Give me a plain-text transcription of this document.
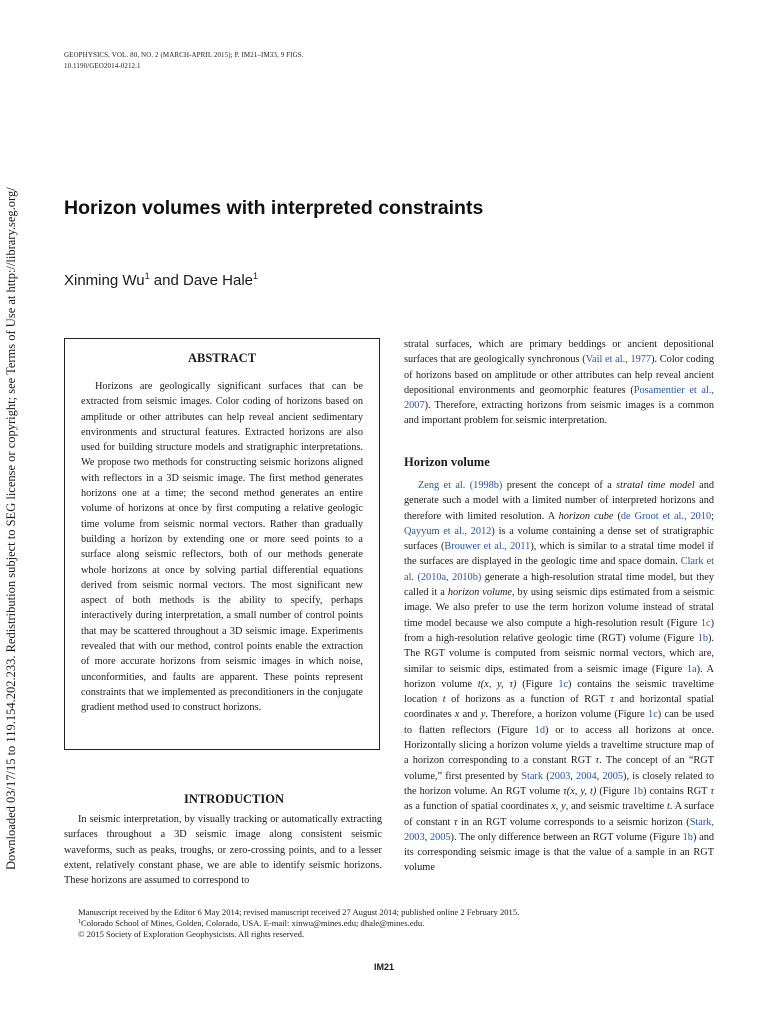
GEOPHYSICS, VOL. 80, NO. 2 (MARCH-APRIL 2015); P. IM21–IM33, 9 FIGS.
10.1190/GEO2014-0212.1
Downloaded 03/17/15 to 119.154.202.233. Redistribution subject to SEG license or copyright; see Terms of Use at http://library.seg.org/ Horizon volumes with interpreted constraints
Xinming Wu$^1$ and Dave Hale$^1$
ABSTRACT

Horizons are geologically significant surfaces that can be extracted from seismic images. Color coding of horizons based on amplitude or other attributes can help reveal ancient sedimentary environments and structural features. Extracted horizons are also used for building structure models and stratigraphic interpretations. We propose two methods for constructing seismic horizons aligned with reflectors in a 3D seismic image. The first method generates horizons one at a time; the second method generates an entire volume of horizons at once by first computing a relative geologic time volume from seismic normal vectors. Rather than gradually building a horizon by extending one or more seed points to a surface along seismic reflectors, both of our methods generate whole horizons at once by solving partial differential equations derived from seismic normal vectors. The most significant new aspect of both methods is the ability to specify, perhaps interactively during interpretation, a small number of control points that may be scattered throughout a 3D seismic image. Experiments revealed that with our method, control points enable the extraction of more accurate horizons from seismic images in which noise, unconformities, and faults are apparent. These points represent constraints that we implemented as preconditioners in the conjugate gradient method used to construct horizons.

INTRODUCTION

In seismic interpretation, by visually tracking or automatically extracting surfaces throughout a 3D seismic image along consistent seismic waveforms, such as peaks, troughs, or zero-crossing points, and to a lesser extent, relatively constant phase, we are able to identify seismic horizons. These horizons are assumed to correspond to

stratal surfaces, which are primary beddings or ancient depositional surfaces that are geologically synchronous (Vail et al., 1977). Color coding of horizons based on amplitude or other attributes can help reveal ancient depositional environments and geomorphic features (Posamentier et al., 2007). Therefore, extracting horizons from seismic images is a common and important problem for seismic interpretation.

Horizon volume

Zeng et al. (1998b) present the concept of a stratal time model and generate such a model with a limited number of interpreted horizons and therefore with limited resolution. A horizon cube (de Groot et al., 2010; Qayyum et al., 2012) is a volume containing a dense set of stratigraphic surfaces (Brouwer et al., 2011), which is similar to a stratal time model if the surfaces are displayed in the geologic time and space domain. Clark et al. (2010a, 2010b) generate a high-resolution stratal time model, but they called it a horizon volume, by using seismic dips estimated from a seismic image. We also prefer to use the term horizon volume instead of stratal time model because we also compute a high-resolution result (Figure 1c) from a high-resolution relative geologic time (RGT) volume (Figure 1b). The RGT volume is computed from seismic normal vectors, which are, similar to seismic dips, estimated from a seismic image (Figure 1a). A horizon volume t(x, y, τ) (Figure 1c) contains the seismic traveltime location t of horizons as a function of RGT τ and horizontal spatial coordinates x and y. Therefore, a horizon volume (Figure 1c) can be used to flatten reflectors (Figure 1d) or to access all horizons at once. Horizontally slicing a horizon volume yields a traveltime structure map of a horizon corresponding to a constant RGT τ. The concept of an “RGT volume,” first presented by Stark (2003, 2004, 2005), is closely related to the horizon volume. An RGT volume τ(x, y, t) (Figure 1b) contains RGT τ as a function of spatial coordinates x, y, and seismic traveltime t. A surface of constant τ in an RGT volume corresponds to a seismic horizon (Stark, 2003, 2005). The only difference between an RGT volume (Figure 1b) and its corresponding seismic image is that the value of a sample in an RGT volume

Manuscript received by the Editor 6 May 2014; revised manuscript received 27 August 2014; published online 2 February 2015.
$^1$Colorado School of Mines, Golden, Colorado, USA. E-mail: xinwu@mines.edu; dhale@mines.edu.
© 2015 Society of Exploration Geophysicists. All rights reserved.
IM21
